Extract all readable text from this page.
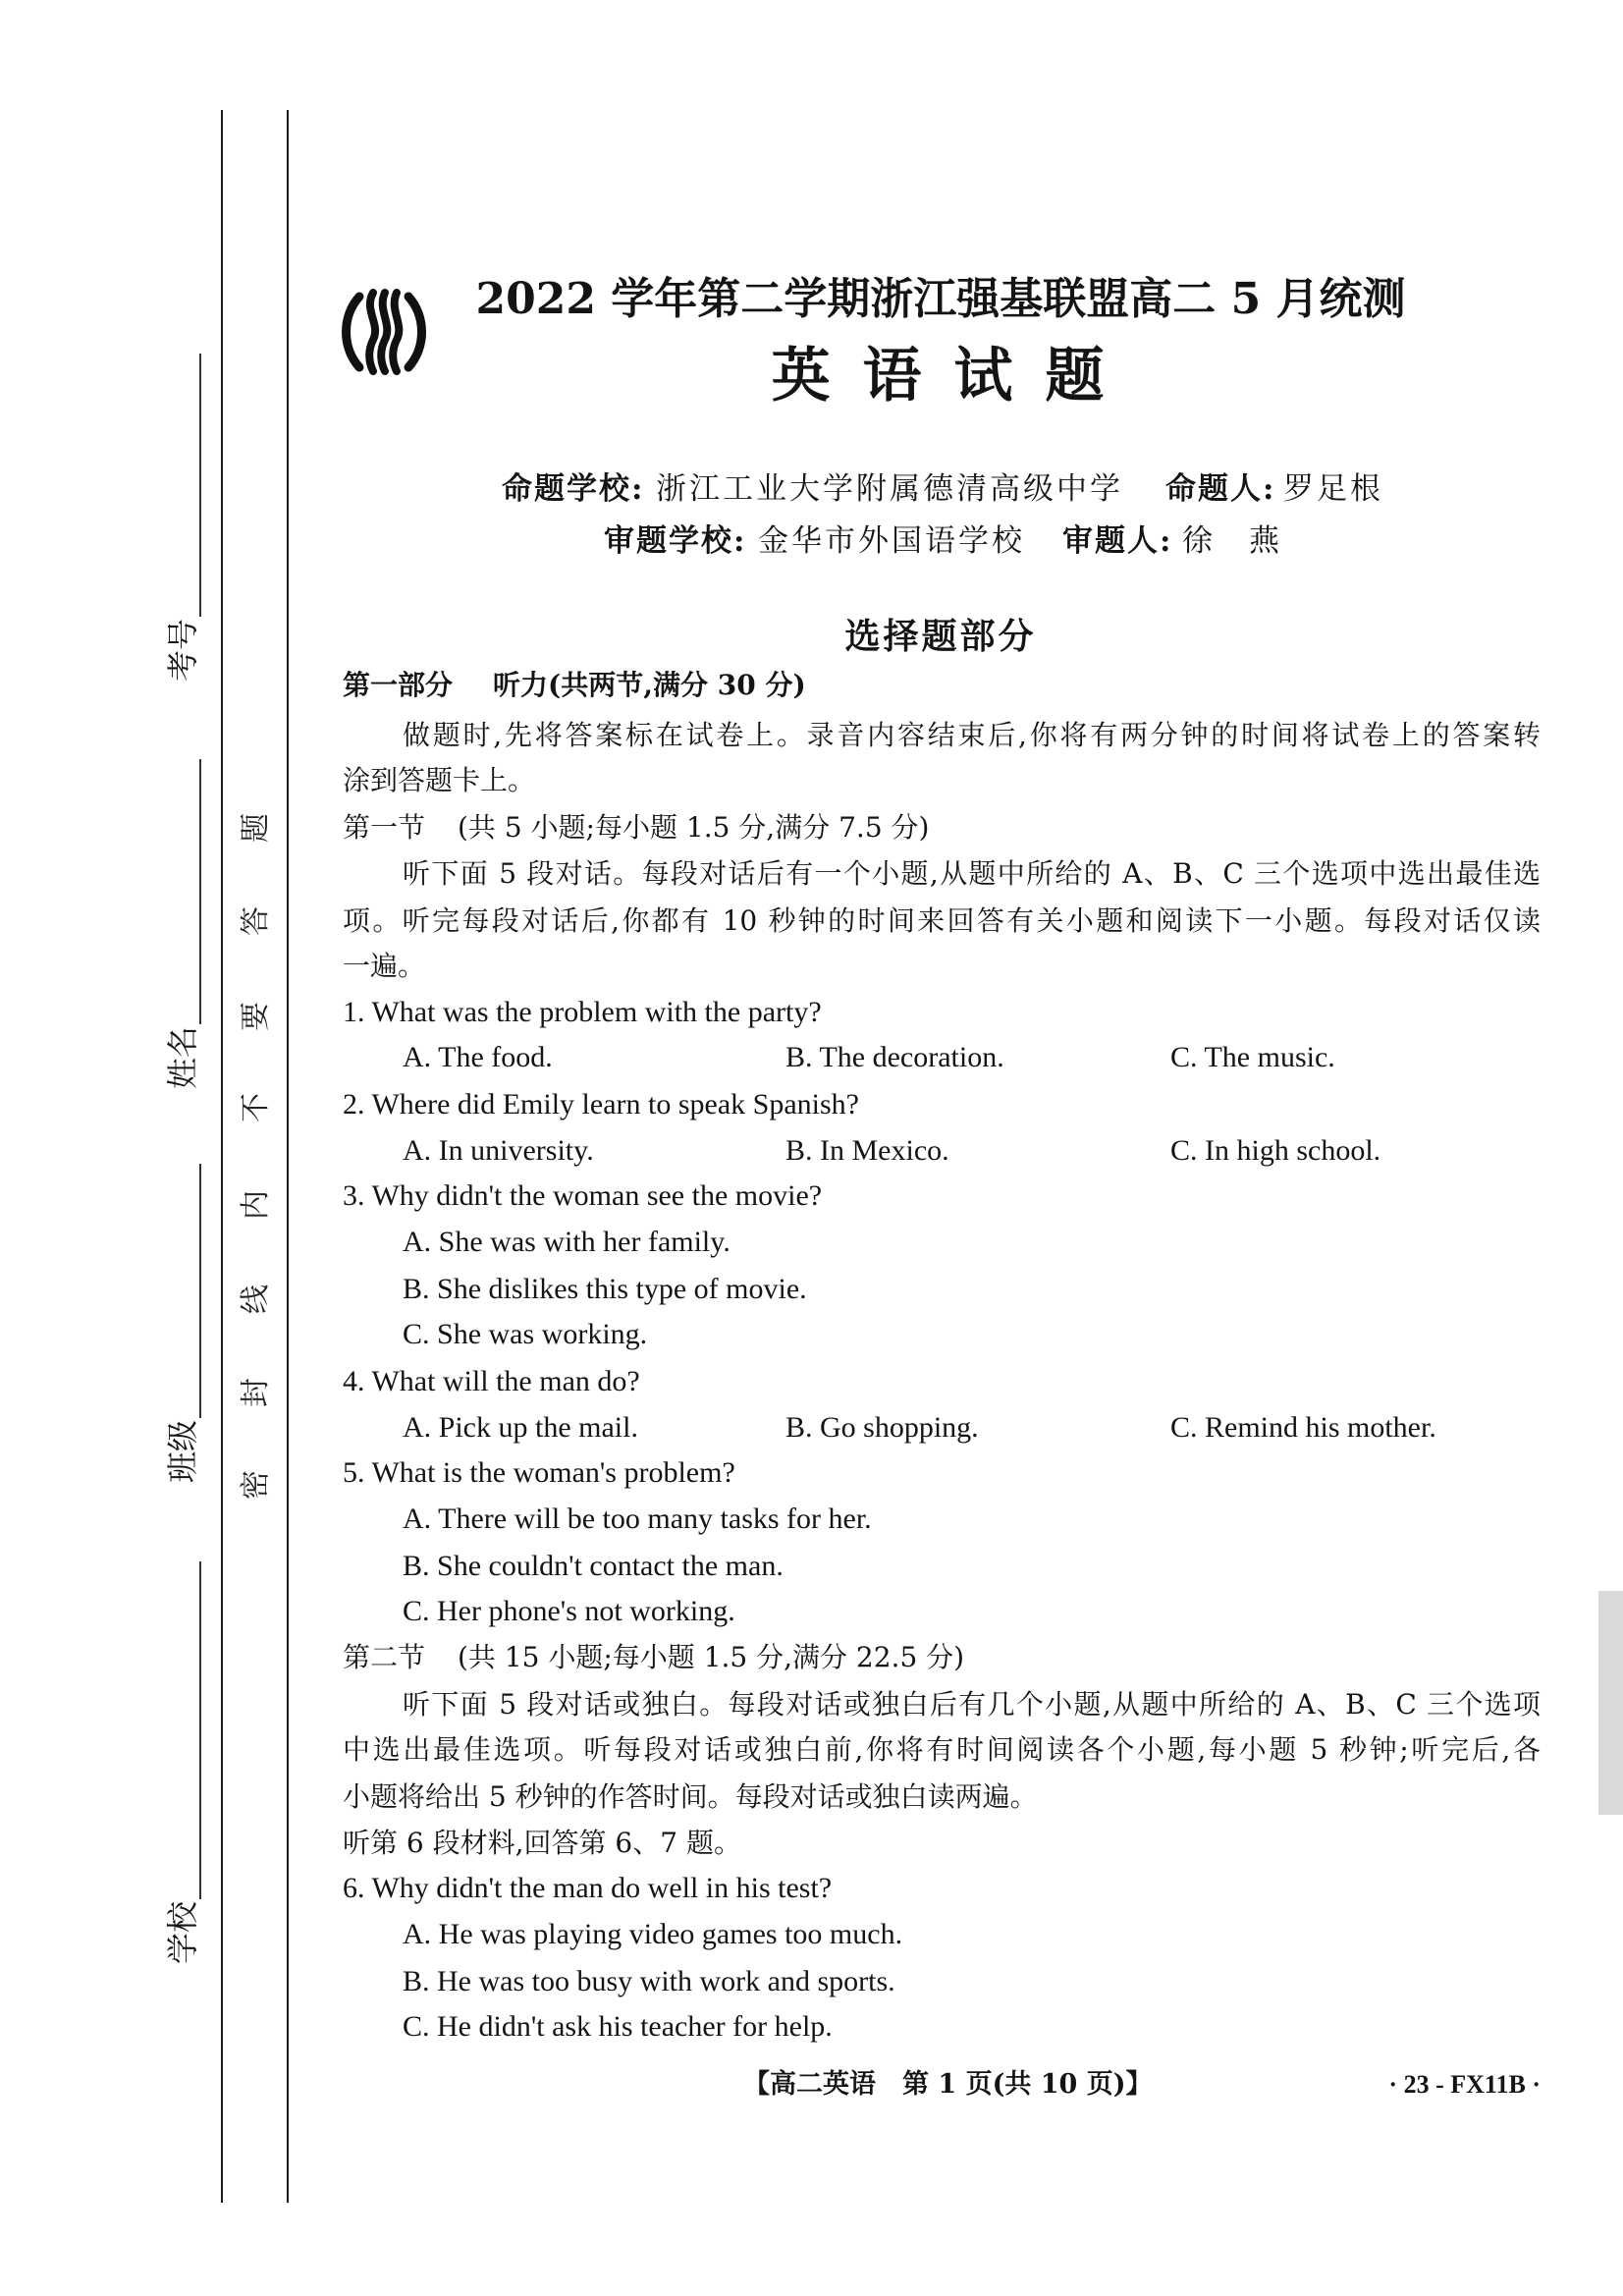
考号
姓名
班级
学校
密
封
线
内
不
要
答
题
2022 学年第二学期浙江强基联盟高二 5 月统测
英 语 试 题
命题学校: 浙江工业大学附属德清高级中学 命题人: 罗足根
审题学校: 金华市外国语学校 审题人: 徐　燕
选择题部分
第一部分 听力(共两节,满分 30 分)
做题时,先将答案标在试卷上。录音内容结束后,你将有两分钟的时间将试卷上的答案转
涂到答题卡上。
第一节 (共 5 小题;每小题 1.5 分,满分 7.5 分)
听下面 5 段对话。每段对话后有一个小题,从题中所给的 A、B、C 三个选项中选出最佳选
项。听完每段对话后,你都有 10 秒钟的时间来回答有关小题和阅读下一小题。每段对话仅读
一遍。
1. What was the problem with the party?
A. The food.	B. The decoration.	C. The music.
2. Where did Emily learn to speak Spanish?
A. In university.	B. In Mexico.	C. In high school.
3. Why didn't the woman see the movie?
A. She was with her family.
B. She dislikes this type of movie.
C. She was working.
4. What will the man do?
A. Pick up the mail.	B. Go shopping.	C. Remind his mother.
5. What is the woman's problem?
A. There will be too many tasks for her.
B. She couldn't contact the man.
C. Her phone's not working.
第二节 (共 15 小题;每小题 1.5 分,满分 22.5 分)
听下面 5 段对话或独白。每段对话或独白后有几个小题,从题中所给的 A、B、C 三个选项
中选出最佳选项。听每段对话或独白前,你将有时间阅读各个小题,每小题 5 秒钟;听完后,各
小题将给出 5 秒钟的作答时间。每段对话或独白读两遍。
听第 6 段材料,回答第 6、7 题。
6. Why didn't the man do well in his test?
A. He was playing video games too much.
B. He was too busy with work and sports.
C. He didn't ask his teacher for help.
【高二英语　第 1 页(共 10 页)】	· 23 - FX11B ·
